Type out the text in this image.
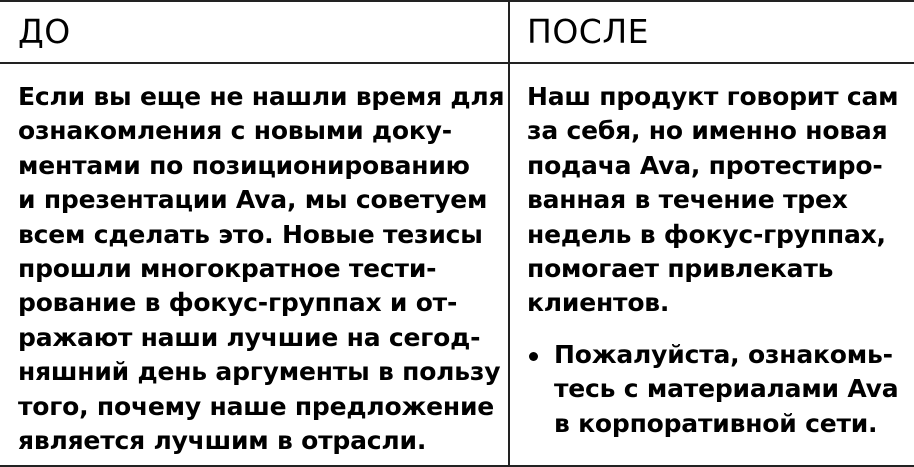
ДО	ПОСЛЕ
Если вы еще не нашли время для
ознакомления с новыми доку-
ментами по позиционированию
и презентации Ava, мы советуем
всем сделать это. Новые тезисы
прошли многократное тести-
рование в фокус-группах и от-
ражают наши лучшие на сегод-
няшний день аргументы в пользу
того, почему наше предложение
является лучшим в отрасли.
Наш продукт говорит сам
за себя, но именно новая
подача Ava, протестиро-
ванная в течение трех
недель в фокус-группах,
помогает привлекать
клиентов.
Пожалуйста, ознакомь-
тесь с материалами Ava
в корпоративной сети.
